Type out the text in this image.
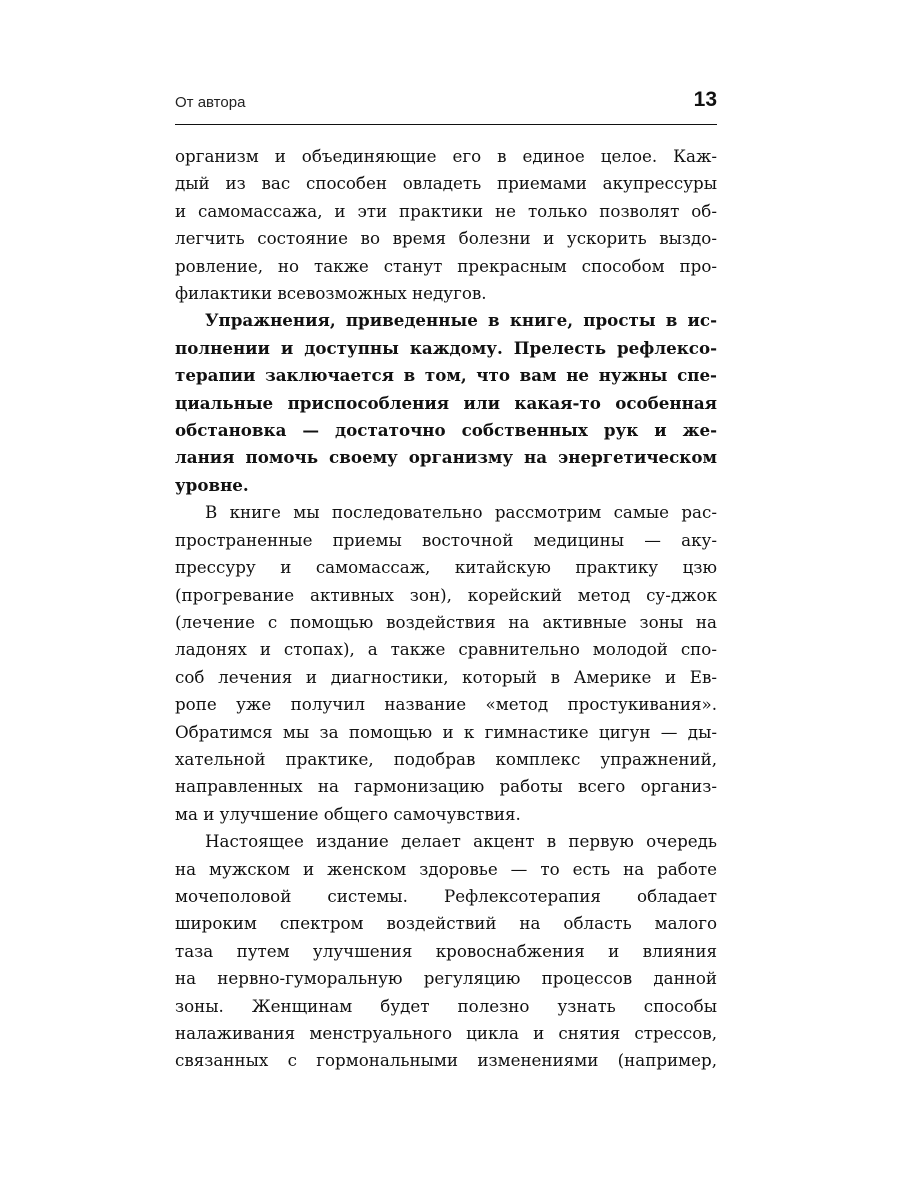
От автора	13

организм и объединяющие его в единое целое. Каж-
дый из вас способен овладеть приемами акупрессуры
и самомассажа, и эти практики не только позволят об-
легчить состояние во время болезни и ускорить выздо-
ровление, но также станут прекрасным способом про-
филактики всевозможных недугов.

Упражнения, приведенные в книге, просты в ис-
полнении и доступны каждому. Прелесть рефлексо-
терапии заключается в том, что вам не нужны спе-
циальные приспособления или какая-то особенная
обстановка — достаточно собственных рук и же-
лания помочь своему организму на энергетическом
уровне.

В книге мы последовательно рассмотрим самые рас-
пространенные приемы восточной медицины — аку-
прессуру и самомассаж, китайскую практику цзю
(прогревание активных зон), корейский метод су-джок
(лечение с помощью воздействия на активные зоны на
ладонях и стопах), а также сравнительно молодой спо-
соб лечения и диагностики, который в Америке и Ев-
ропе уже получил название «метод простукивания».
Обратимся мы за помощью и к гимнастике цигун — ды-
хательной практике, подобрав комплекс упражнений,
направленных на гармонизацию работы всего организ-
ма и улучшение общего самочувствия.

Настоящее издание делает акцент в первую очередь
на мужском и женском здоровье — то есть на работе
мочеполовой системы. Рефлексотерапия обладает
широким спектром воздействий на область малого
таза путем улучшения кровоснабжения и влияния
на нервно-гуморальную регуляцию процессов данной
зоны. Женщинам будет полезно узнать способы
налаживания менструального цикла и снятия стрессов,
связанных с гормональными изменениями (например,
